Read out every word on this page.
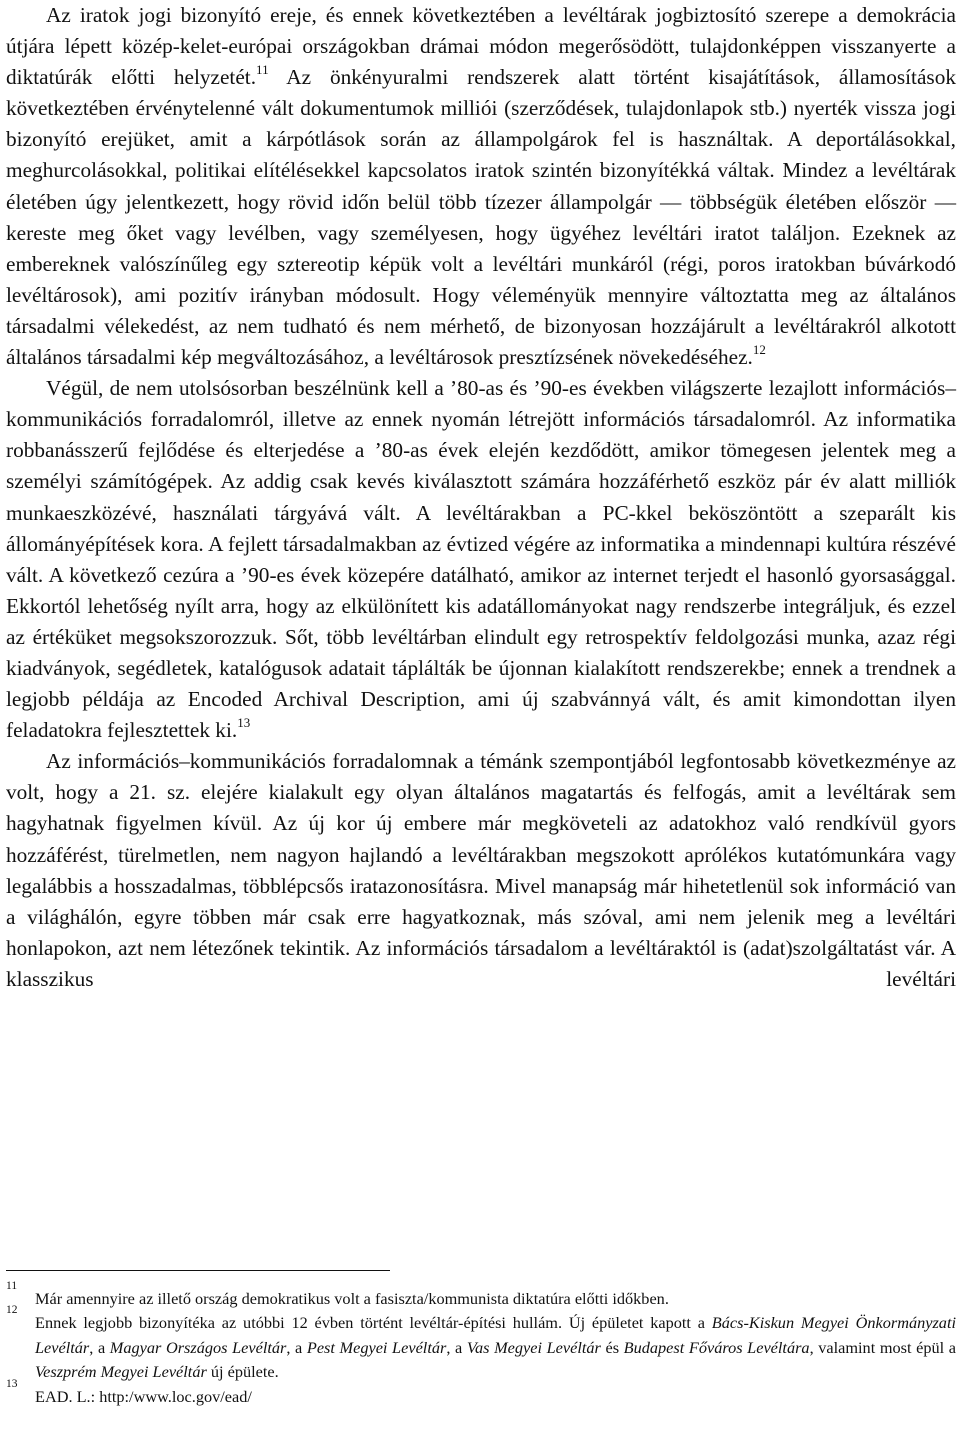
Az iratok jogi bizonyító ereje, és ennek következtében a levéltárak jogbiztosító szerepe a demokrácia útjára lépett közép-kelet-európai országokban drámai módon megerősödött, tulajdonképpen visszanyerte a diktatúrák előtti helyzetét.$^{11}$ Az önkényuralmi rendszerek alatt történt kisajátítások, államosítások következtében érvénytelenné vált dokumentumok milliói (szerződések, tulajdonlapok stb.) nyerték vissza jogi bizonyító erejüket, amit a kárpótlások során az állampolgárok fel is használtak. A deportálásokkal, meghurcolásokkal, politikai elítélésekkel kapcsolatos iratok szintén bizonyítékká váltak. Mindez a levéltárak életében úgy jelentkezett, hogy rövid időn belül több tízezer állampolgár — többségük életében először — kereste meg őket vagy levélben, vagy személyesen, hogy ügyéhez levéltári iratot találjon. Ezeknek az embereknek valószínűleg egy sztereotip képük volt a levéltári munkáról (régi, poros iratokban búvárkodó levéltárosok), ami pozitív irányban módosult. Hogy véleményük mennyire változtatta meg az általános társadalmi vélekedést, az nem tudható és nem mérhető, de bizonyosan hozzájárult a levéltárakról alkotott általános társadalmi kép megváltozásához, a levéltárosok presztízsének növekedéséhez.$^{12}$

Végül, de nem utolsósorban beszélnünk kell a ’80-as és ’90-es években világszerte lezajlott információs–kommunikációs forradalomról, illetve az ennek nyomán létrejött információs társadalomról. Az informatika robbanásszerű fejlődése és elterjedése a ’80-as évek elején kezdődött, amikor tömegesen jelentek meg a személyi számítógépek. Az addig csak kevés kiválasztott számára hozzáférhető eszköz pár év alatt milliók munkaeszközévé, használati tárgyává vált. A levéltárakban a PC-kkel beköszöntött a szeparált kis állományépítések kora. A fejlett társadalmakban az évtized végére az informatika a mindennapi kultúra részévé vált. A következő cezúra a ’90-es évek közepére datálható, amikor az internet terjedt el hasonló gyorsasággal. Ekkortól lehetőség nyílt arra, hogy az elkülönített kis adatállományokat nagy rendszerbe integráljuk, és ezzel az értéküket megsokszorozzuk. Sőt, több levéltárban elindult egy retrospektív feldolgozási munka, azaz régi kiadványok, segédletek, katalógusok adatait táplálták be újonnan kialakított rendszerekbe; ennek a trendnek a legjobb példája az Encoded Archival Description, ami új szabvánnyá vált, és amit kimondottan ilyen feladatokra fejlesztettek ki.$^{13}$

Az információs–kommunikációs forradalomnak a témánk szempontjából legfontosabb következménye az volt, hogy a 21. sz. elejére kialakult egy olyan általános magatartás és felfogás, amit a levéltárak sem hagyhatnak figyelmen kívül. Az új kor új embere már megköveteli az adatokhoz való rendkívül gyors hozzáférést, türelmetlen, nem nagyon hajlandó a levéltárakban megszokott aprólékos kutatómunkára vagy legalábbis a hosszadalmas, többlépcsős iratazonosításra. Mivel manapság már hihetetlenül sok információ van a világhálón, egyre többen már csak erre hagyatkoznak, más szóval, ami nem jelenik meg a levéltári honlapokon, azt nem létezőnek tekintik. Az információs társadalom a levéltáraktól is (adat)szolgáltatást vár. A klasszikus levéltári

11
Már amennyire az illető ország demokratikus volt a fasiszta/kommunista diktatúra előtti időkben.
12
Ennek legjobb bizonyítéka az utóbbi 12 évben történt levéltár-építési hullám. Új épületet kapott a Bács-Kiskun Megyei Önkormányzati Levéltár, a Magyar Országos Levéltár, a Pest Megyei Levéltár, a Vas Megyei Levéltár és Budapest Főváros Levéltára, valamint most épül a Veszprém Megyei Levéltár új épülete.
13
EAD. L.: http:/www.loc.gov/ead/
